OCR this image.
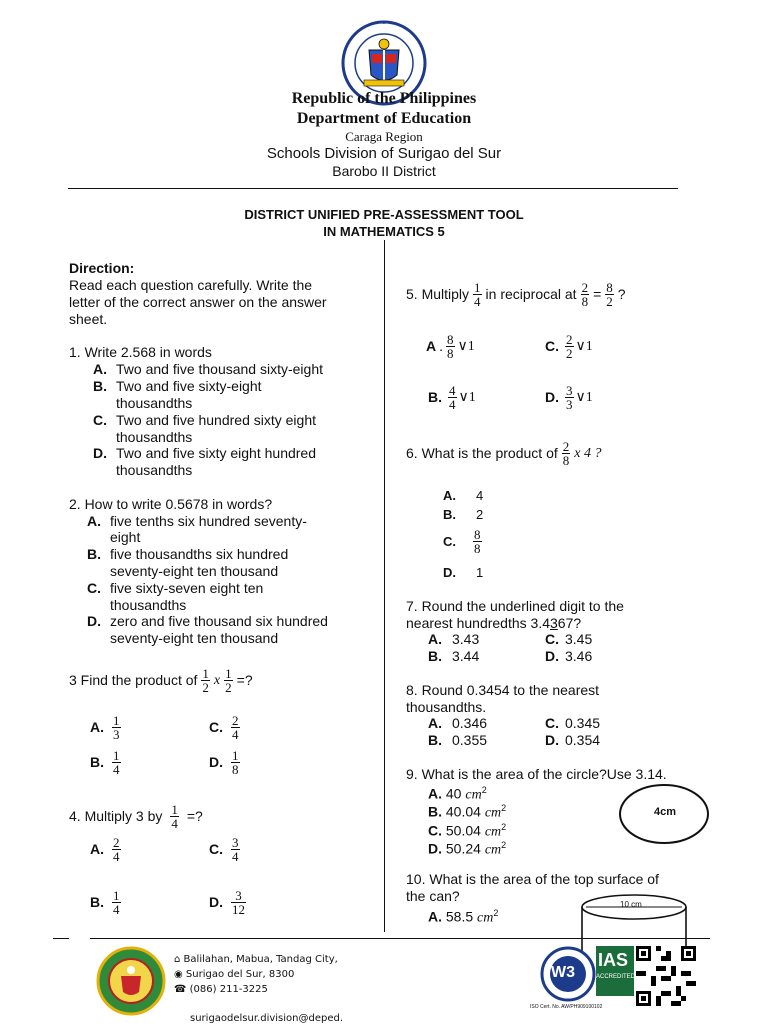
Republic of the Philippines
Department of Education
Caraga Region
Schools Division of Surigao del Sur
Barobo II District
DISTRICT UNIFIED PRE-ASSESSMENT TOOL
IN MATHEMATICS 5
Direction:
Read each question carefully. Write the
letter of the correct answer on the answer
sheet.
1. Write 2.568 in words
A. Two and five thousand sixty-eight
B. Two and five sixty-eight
thousandths
C. Two and five hundred sixty eight
thousandths
D. Two and five sixty eight hundred
thousandths
2. How to write 0.5678 in words?
A. five tenths six hundred seventy-
eight
B. five thousandths six hundred
seventy-eight ten thousand
C. five sixty-seven eight ten
thousandths
D. zero and five thousand six hundred
seventy-eight ten thousand
3 Find the product of $\frac{1}{2}$ x $\frac{1}{2}$ =?
A. $\frac{1}{3}$	C. $\frac{2}{4}$
B. $\frac{1}{4}$	D. $\frac{1}{8}$
4. Multiply 3 by $\frac{1}{4}$ =?
A. $\frac{2}{4}$	C. $\frac{3}{4}$
B. $\frac{1}{4}$	D. $\frac{3}{12}$
5. Multiply $\frac{1}{4}$ in reciprocal at $\frac{2}{8} = \frac{8}{2}$ ?
A . $\frac{8}{8}$ ∨1	C. $\frac{2}{2}$ ∨1
B. $\frac{4}{4}$ ∨1	D. $\frac{3}{3}$ ∨1
6. What is the product of $\frac{2}{8}$ x 4 ?
A. 4
B. 2
C. $\frac{8}{8}$
D. 1
7. Round the underlined digit to the
nearest hundredths 3.4367?
A. 3.43	C. 3.45
B. 3.44	D. 3.46
8. Round 0.3454 to the nearest
thousandths.
A. 0.346	C. 0.345
B. 0.355	D. 0.354
9. What is the area of the circle?Use 3.14.
A. 40 $cm^2$
B. 40.04 $cm^2$
C. 50.04 $cm^2$
D. 50.24 $cm^2$
4cm
10. What is the area of the top surface of
the can?
A. 58.5 $cm^2$
10 cm
⌂ Balilahan, Mabua, Tandag City,
◉ Surigao del Sur, 8300
☎ (086) 211-3225
surigaodelsur.division@deped.
W3
IAS
ACCREDITED
ISO Cert. No. AW/PH909100102
